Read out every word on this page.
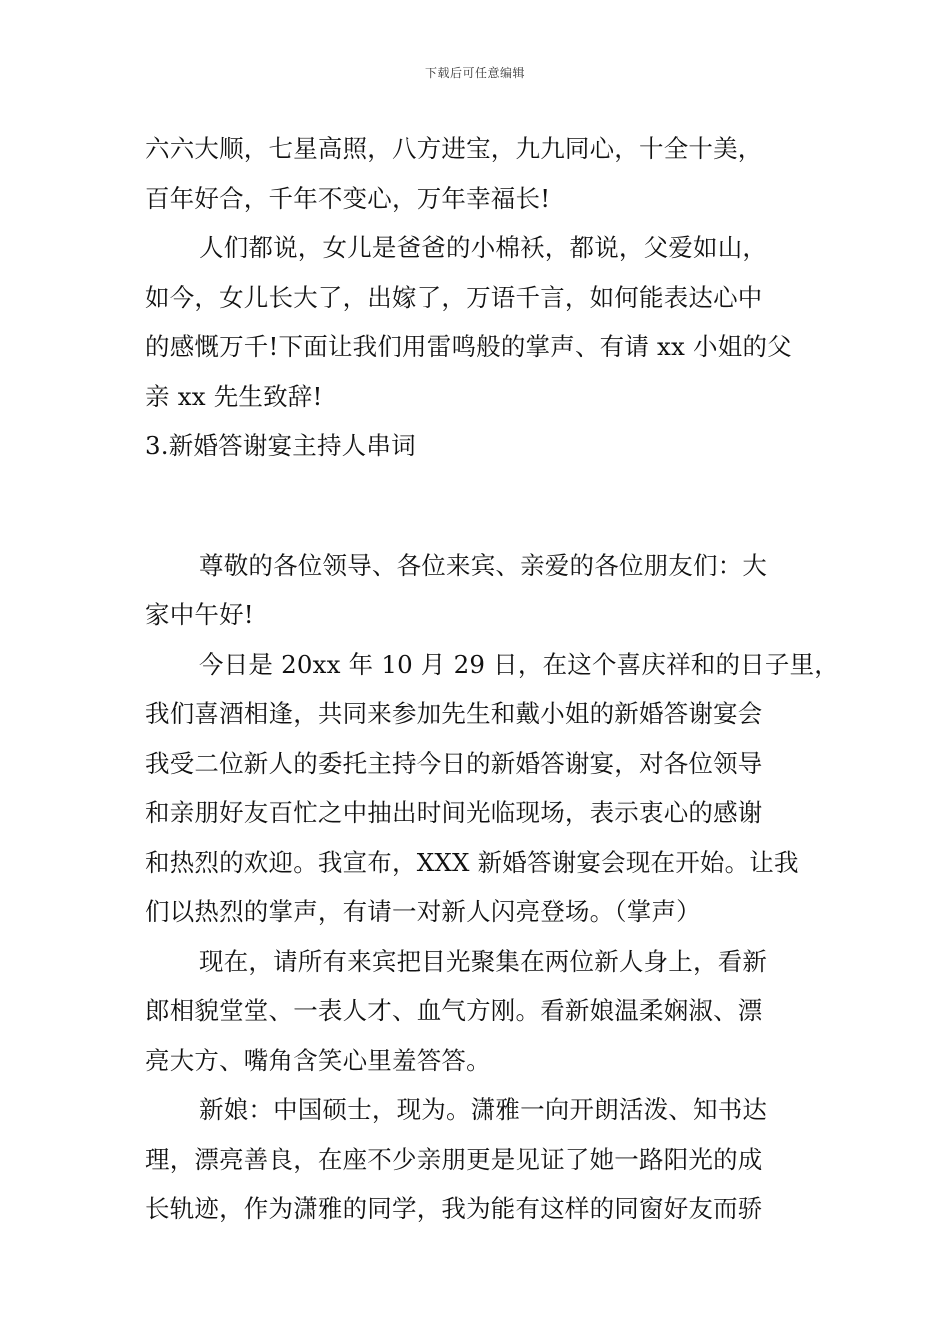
下载后可任意编辑
六六大顺，七星高照，八方进宝，九九同心，十全十美，
百年好合，千年不变心，万年幸福长!
人们都说，女儿是爸爸的小棉袄，都说，父爱如山，
如今，女儿长大了，出嫁了，万语千言，如何能表达心中
的感慨万千!下面让我们用雷鸣般的掌声、有请 xx 小姐的父
亲 xx 先生致辞!
3.新婚答谢宴主持人串词
尊敬的各位领导、各位来宾、亲爱的各位朋友们：大
家中午好!
今日是 20xx 年 10 月 29 日，在这个喜庆祥和的日子里，
我们喜酒相逢，共同来参加先生和戴小姐的新婚答谢宴会
我受二位新人的委托主持今日的新婚答谢宴，对各位领导
和亲朋好友百忙之中抽出时间光临现场，表示衷心的感谢
和热烈的欢迎。我宣布，XXX 新婚答谢宴会现在开始。让我
们以热烈的掌声，有请一对新人闪亮登场。（掌声）
现在，请所有来宾把目光聚集在两位新人身上，看新
郎相貌堂堂、一表人才、血气方刚。看新娘温柔娴淑、漂
亮大方、嘴角含笑心里羞答答。
新娘：中国硕士，现为。潇雅一向开朗活泼、知书达
理，漂亮善良，在座不少亲朋更是见证了她一路阳光的成
长轨迹，作为潇雅的同学，我为能有这样的同窗好友而骄
